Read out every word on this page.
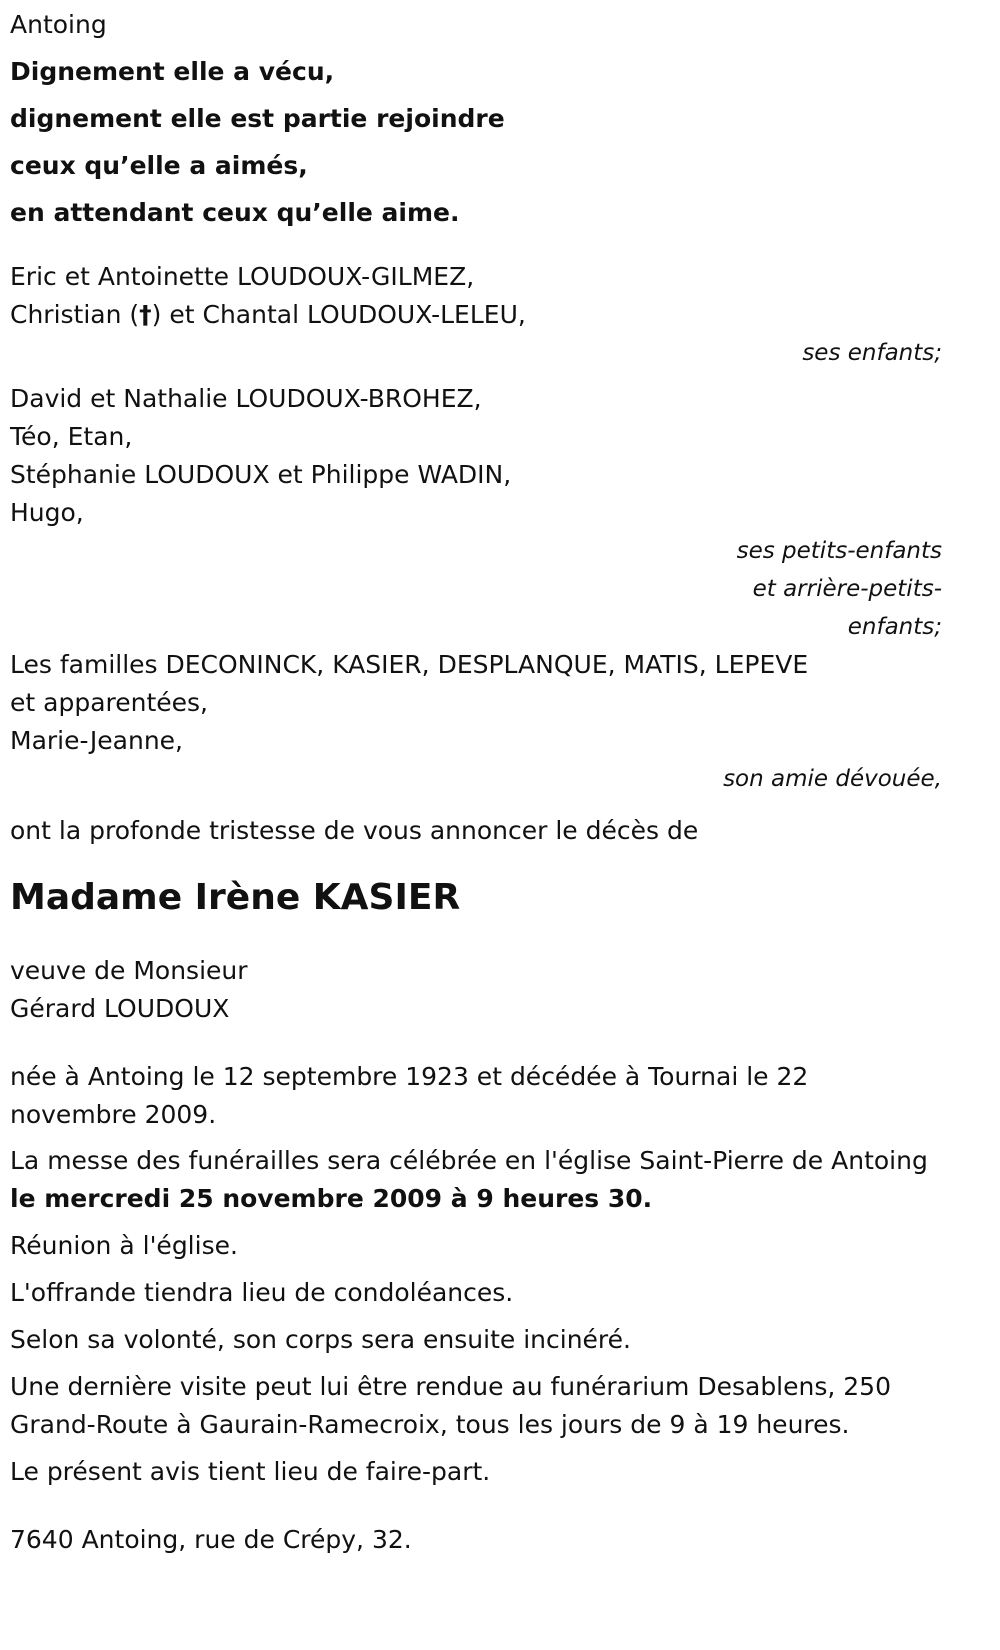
Antoing
Dignement elle a vécu,
dignement elle est partie rejoindre
ceux qu’elle a aimés,
en attendant ceux qu’elle aime.
Eric et Antoinette LOUDOUX-GILMEZ,
Christian (†) et Chantal LOUDOUX-LELEU,
ses enfants;
David et Nathalie LOUDOUX-BROHEZ,
Téo, Etan,
Stéphanie LOUDOUX et Philippe WADIN,
Hugo,
ses petits-enfants
et arrière-petits-
enfants;
Les familles DECONINCK, KASIER, DESPLANQUE, MATIS, LEPEVE
et apparentées,
Marie-Jeanne,
son amie dévouée,
ont la profonde tristesse de vous annoncer le décès de
Madame Irène KASIER
veuve de Monsieur
Gérard LOUDOUX
née à Antoing le 12 septembre 1923 et décédée à Tournai le 22 novembre 2009.
La messe des funérailles sera célébrée en l'église Saint-Pierre de Antoing
le mercredi 25 novembre 2009 à 9 heures 30.
Réunion à l'église.
L'offrande tiendra lieu de condoléances.
Selon sa volonté, son corps sera ensuite incinéré.
Une dernière visite peut lui être rendue au funérarium Desablens, 250 Grand-Route à Gaurain-Ramecroix, tous les jours de 9 à 19 heures.
Le présent avis tient lieu de faire-part.
7640 Antoing, rue de Crépy, 32.
